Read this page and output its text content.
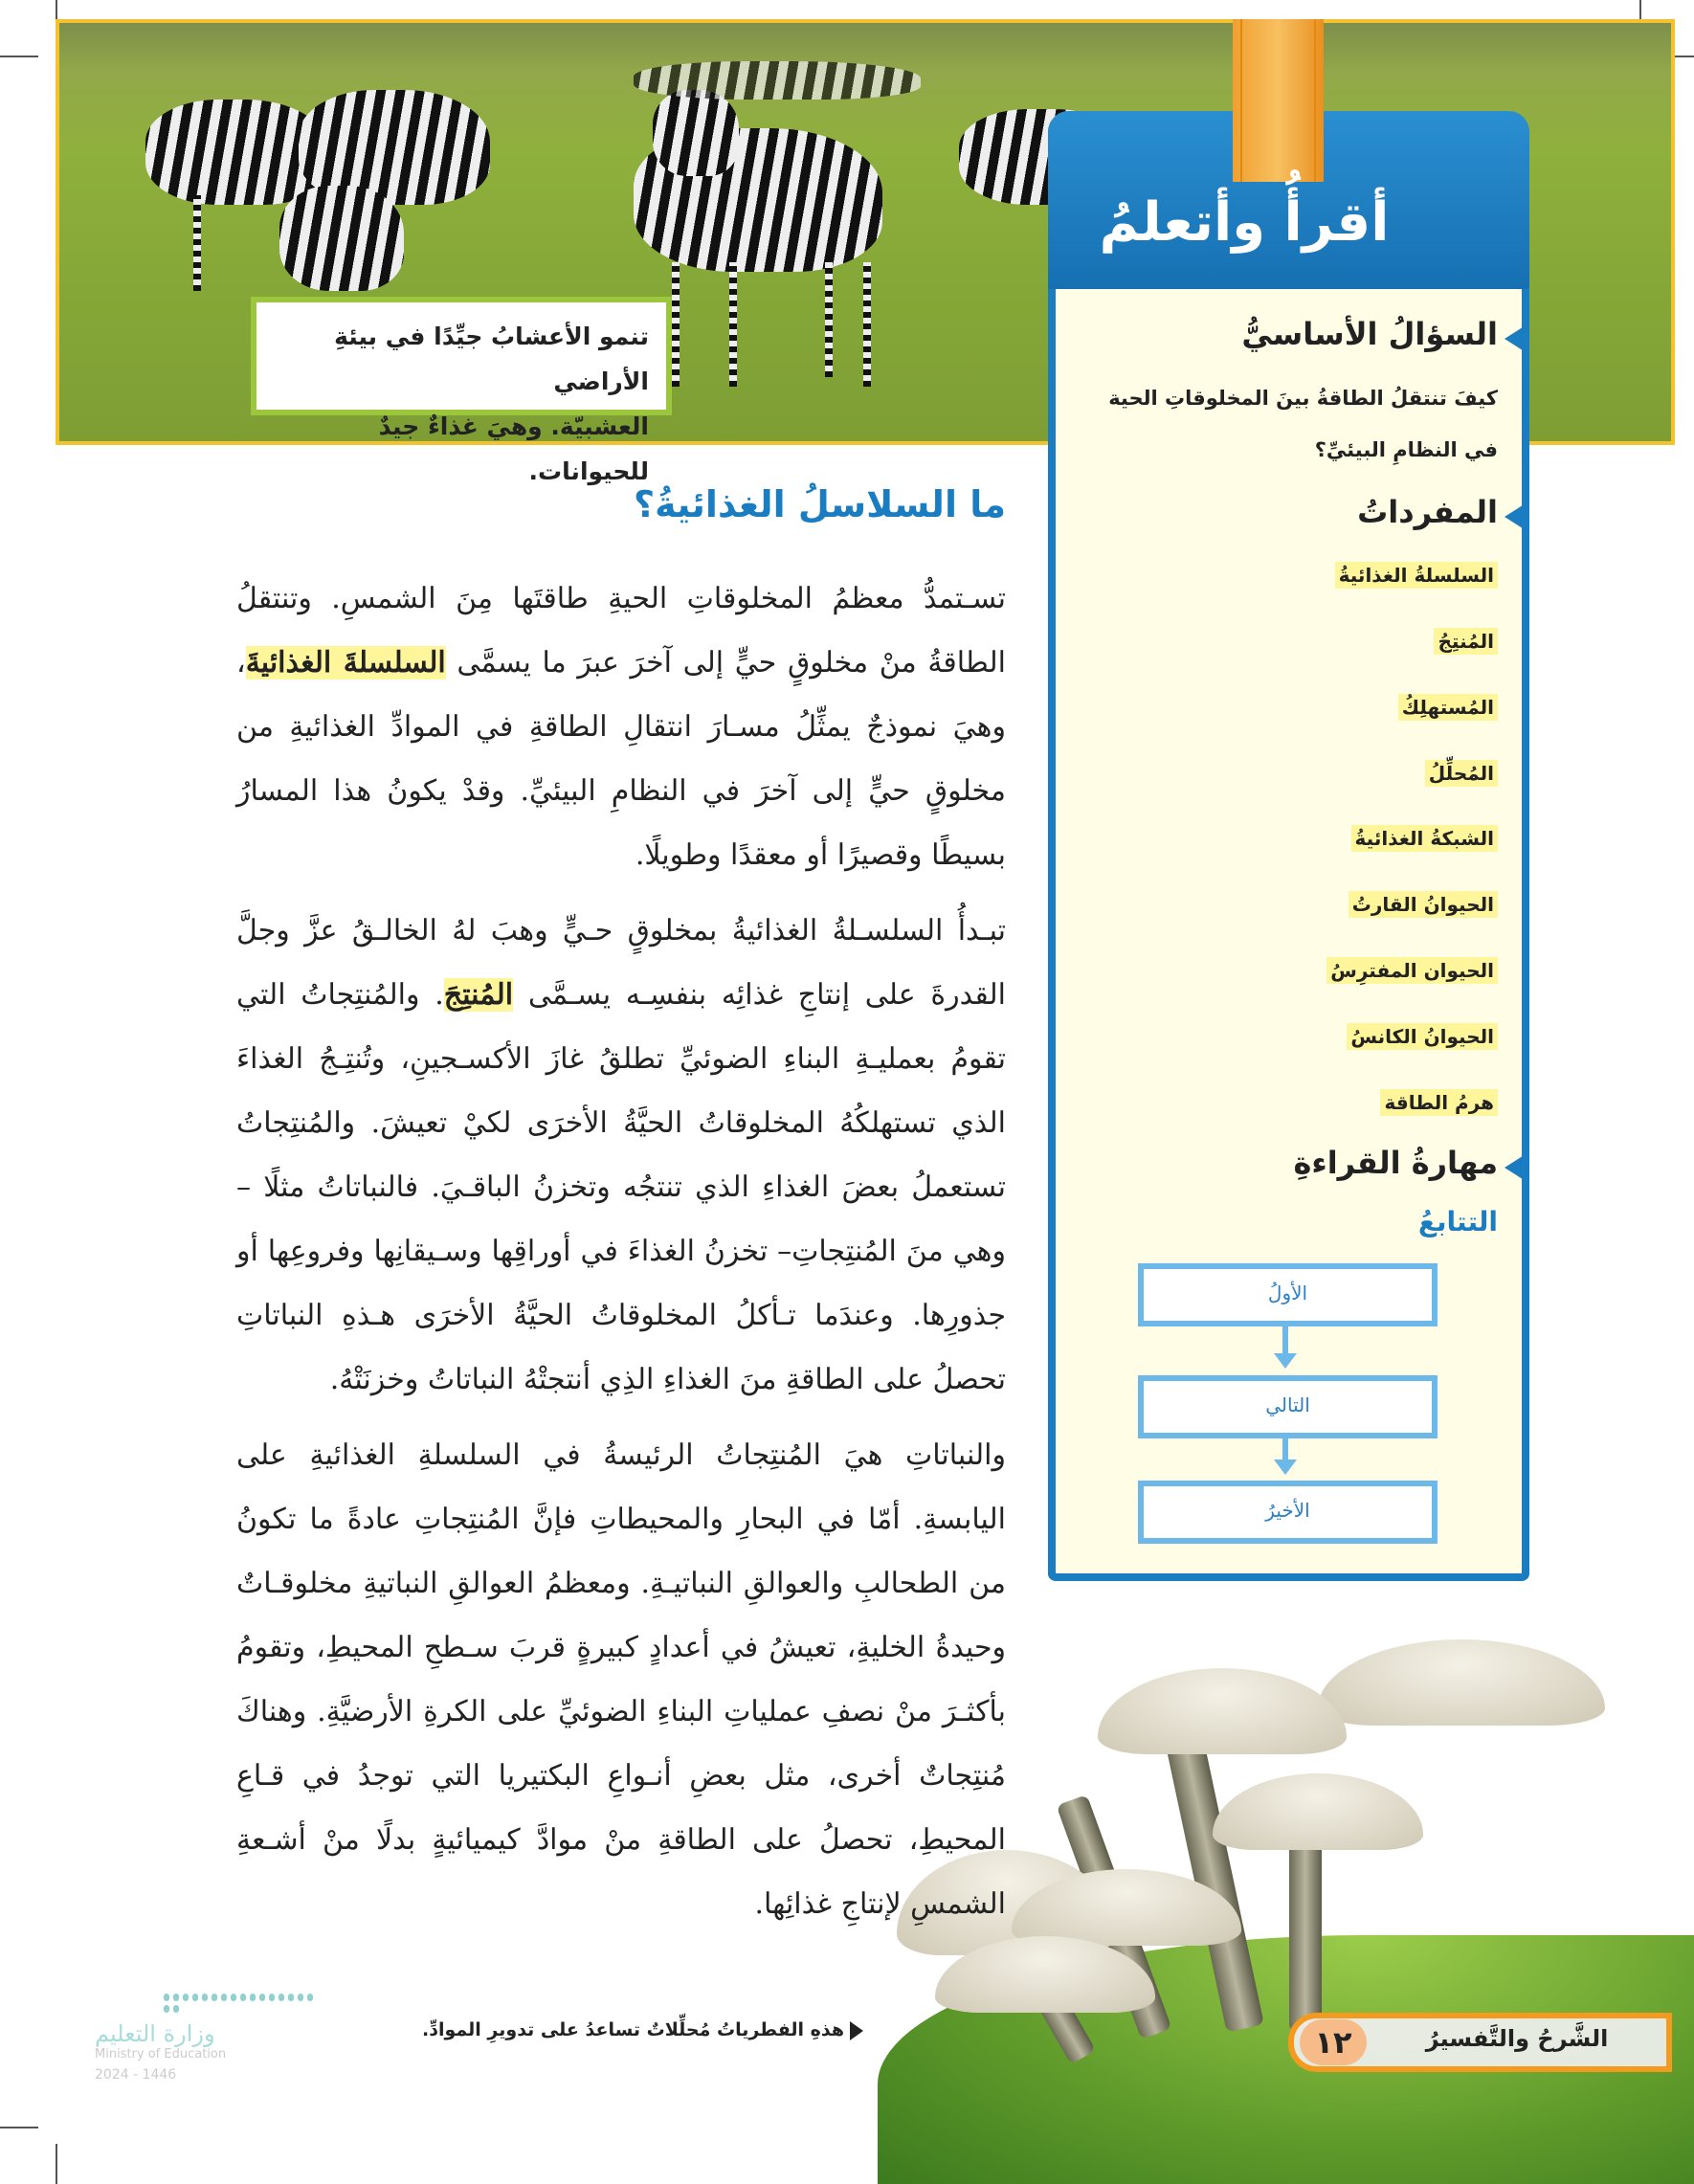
تنمو الأعشابُ جيِّدًا في بيئةِ الأراضي
العشبيّة. وهيَ غذاءٌ جيدٌ للحيوانات.
أقرأُ وأتعلمُ
السؤالُ الأساسيُّ
كيفَ تنتقلُ الطاقةُ بينَ المخلوقاتِ الحية
في النظامِ البيئيِّ؟
المفرداتُ
السلسلةُ الغذائيةُ
المُنتِجُ
المُستهلِكُ
المُحلِّلُ
الشبكةُ الغذائيةُ
الحيوانُ القارتُ
الحيوان المفترِسُ
الحيوانُ الكانسُ
هرمُ الطاقة
مهارةُ القراءةِ
التتابعُ
الأولُ
التالي
الأخيرُ
ما السلاسلُ الغذائيةُ؟

تسـتمدُّ معظمُ المخلوقاتِ الحيةِ طاقتَها مِنَ الشمسِ. وتنتقلُ الطاقةُ منْ مخلوقٍ حيٍّ إلى آخرَ عبرَ ما يسمَّى السلسلةَ الغذائيةَ، وهيَ نموذجٌ يمثِّلُ مسـارَ انتقالِ الطاقةِ في الموادِّ الغذائيةِ من مخلوقٍ حيٍّ إلى آخرَ في النظامِ البيئيِّ. وقدْ يكونُ هذا المسارُ بسيطًا وقصيرًا أو معقدًا وطويلًا.

تبـدأُ السلسـلةُ الغذائيةُ بمخلوقٍ حـيٍّ وهبَ لهُ الخالـقُ عزَّ وجلَّ القدرةَ على إنتاجِ غذائِه بنفسِـه يسـمَّى المُنتِجَ. والمُنتِجاتُ التي تقومُ بعمليـةِ البناءِ الضوئيِّ تطلقُ غازَ الأكسـجينِ، وتُنتِـجُ الغذاءَ الذي تستهلكُهُ المخلوقاتُ الحيَّةُ الأخرَى لكيْ تعيشَ. والمُنتِجاتُ تستعملُ بعضَ الغذاءِ الذي تنتجُه وتخزنُ الباقـيَ. فالنباتاتُ مثلًا –وهي منَ المُنتِجاتِ– تخزنُ الغذاءَ في أوراقِها وسـيقانِها وفروعِها أو جذورِها. وعندَما تـأكلُ المخلوقاتُ الحيَّةُ الأخرَى هـذهِ النباتاتِ تحصلُ على الطاقةِ منَ الغذاءِ الذِي أنتجتْهُ النباتاتُ وخزنَتْهُ.

والنباتاتِ هيَ المُنتِجاتُ الرئيسةُ في السلسلةِ الغذائيةِ على اليابسةِ. أمّا في البحارِ والمحيطاتِ فإنَّ المُنتِجاتِ عادةً ما تكونُ من الطحالبِ والعوالقِ النباتيـةِ. ومعظمُ العوالقِ النباتيةِ مخلوقـاتٌ وحيدةُ الخليةِ، تعيشُ في أعدادٍ كبيرةٍ قربَ سـطحِ المحيطِ، وتقومُ بأكثـرَ منْ نصفِ عملياتِ البناءِ الضوئيِّ على الكرةِ الأرضيَّةِ. وهناكَ مُنتِجاتٌ أخرى، مثل بعضِ أنـواعِ البكتيريا التي توجدُ في قـاعِ المحيطِ، تحصلُ على الطاقةِ منْ موادَّ كيميائيةٍ بدلًا منْ أشـعةِ الشمسِ لإنتاجِ غذائِها.

هذهِ الفطرياتُ مُحلِّلاتٌ تساعدُ على تدويرِ الموادِّ.	١٢	الشَّرحُ والتَّفسيرُ
وزارة التعليم
Ministry of Education
2024 - 1446
